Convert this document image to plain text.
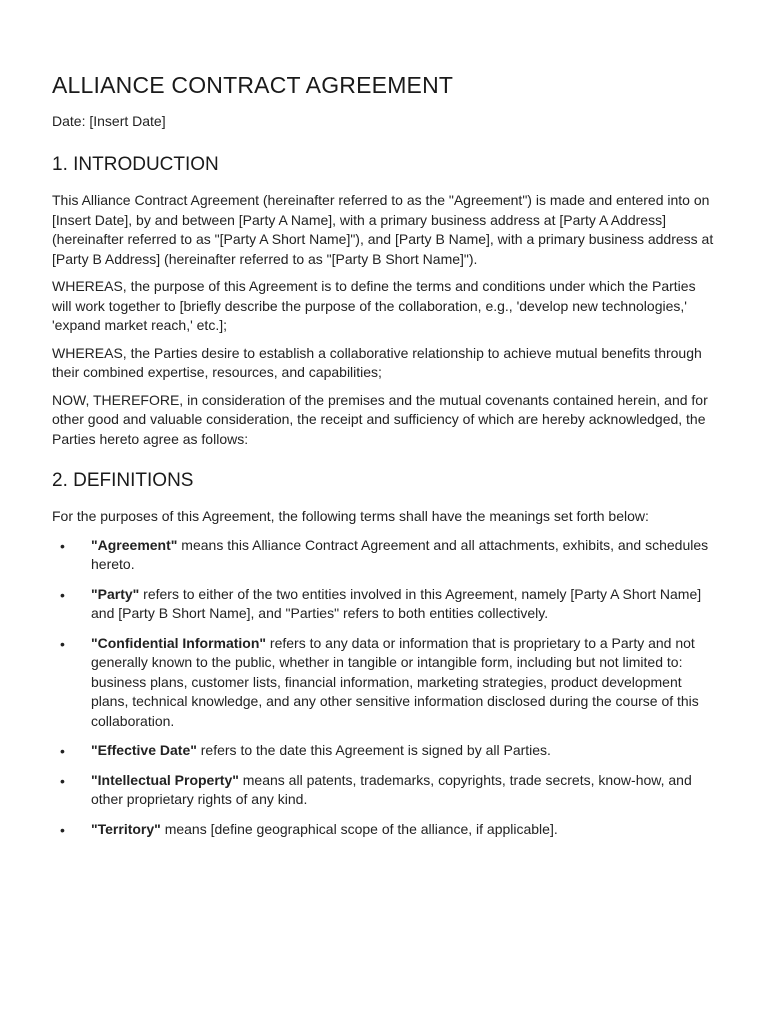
ALLIANCE CONTRACT AGREEMENT

Date: [Insert Date]

1. INTRODUCTION

This Alliance Contract Agreement (hereinafter referred to as the "Agreement") is made and entered into on [Insert Date], by and between [Party A Name], with a primary business address at [Party A Address] (hereinafter referred to as "[Party A Short Name]"), and [Party B Name], with a primary business address at [Party B Address] (hereinafter referred to as "[Party B Short Name]").

WHEREAS, the purpose of this Agreement is to define the terms and conditions under which the Parties will work together to [briefly describe the purpose of the collaboration, e.g., 'develop new technologies,' 'expand market reach,' etc.];

WHEREAS, the Parties desire to establish a collaborative relationship to achieve mutual benefits through their combined expertise, resources, and capabilities;

NOW, THEREFORE, in consideration of the premises and the mutual covenants contained herein, and for other good and valuable consideration, the receipt and sufficiency of which are hereby acknowledged, the Parties hereto agree as follows:

2. DEFINITIONS

For the purposes of this Agreement, the following terms shall have the meanings set forth below:

• "Agreement" means this Alliance Contract Agreement and all attachments, exhibits, and schedules hereto.
• "Party" refers to either of the two entities involved in this Agreement, namely [Party A Short Name] and [Party B Short Name], and "Parties" refers to both entities collectively.
• "Confidential Information" refers to any data or information that is proprietary to a Party and not generally known to the public, whether in tangible or intangible form, including but not limited to: business plans, customer lists, financial information, marketing strategies, product development plans, technical knowledge, and any other sensitive information disclosed during the course of this collaboration.
• "Effective Date" refers to the date this Agreement is signed by all Parties.
• "Intellectual Property" means all patents, trademarks, copyrights, trade secrets, know-how, and other proprietary rights of any kind.
• "Territory" means [define geographical scope of the alliance, if applicable].
